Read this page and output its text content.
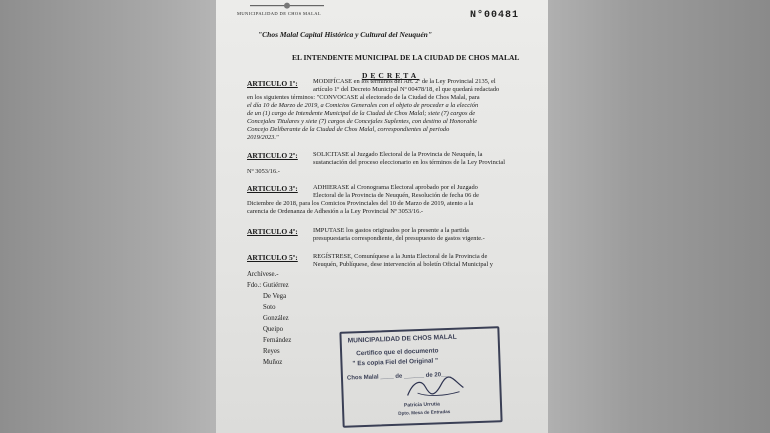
MUNICIPALIDAD DE CHOS MALAL	N°00481
"Chos Malal Capital Histórica y Cultural del Neuquén"
EL INTENDENTE MUNICIPAL DE LA CIUDAD DE CHOS MALAL
DECRETA
ARTICULO 1º: MODIFÍCASE en los términos del Art. 2º de la Ley Provincial 2135, el
artículo 1º del Decreto Municipal Nº 00478/18, el que quedará redactado
en los siguientes términos: "CONVOCASE al electorado de la Ciudad de Chos Malal, para
el día 10 de Marzo de 2019, a Comicios Generales con el objeto de proceder a la elección
de un (1) cargo de Intendente Municipal de la Ciudad de Chos Malal; siete (7) cargos de
Concejales Titulares y siete (7) cargos de Concejales Suplentes, con destino al Honorable
Concejo Deliberante de la Ciudad de Chos Malal, correspondientes al periodo
2019/2023."
ARTICULO 2º: SOLICITASE al Juzgado Electoral de la Provincia de Neuquén, la
sustanciación del proceso eleccionario en los términos de la Ley Provincial
Nº 3053/16.-
ARTICULO 3º: ADHIERASE al Cronograma Electoral aprobado por el Juzgado
Electoral de la Provincia de Neuquén, Resolución de fecha 06 de
Diciembre de 2018, para los Comicios Provinciales del 10 de Marzo de 2019, atento a la
carencia de Ordenanza de Adhesión a la Ley Provincial Nº 3053/16.-
ARTICULO 4º: IMPUTASE los gastos originados por la presente a la partida
presupuestaria correspondiente, del presupuesto de gastos vigente.-
ARTICULO 5º: REGÍSTRESE, Comuníquese a la Junta Electoral de la Provincia de
Neuquén, Publíquese, dese intervención al boletín Oficial Municipal y
Archívese.-
Fdo.: Gutiérrez
De Vega
Soto
González
Queipo
Fernández
Reyes
Muñoz
MUNICIPALIDAD DE CHOS MALAL
Certifico que el documento
" Es copia Fiel del Original "
Chos Malal ____ de ______ de 20___
Patricia Urrutia
Dpto. Mesa de Entradas
